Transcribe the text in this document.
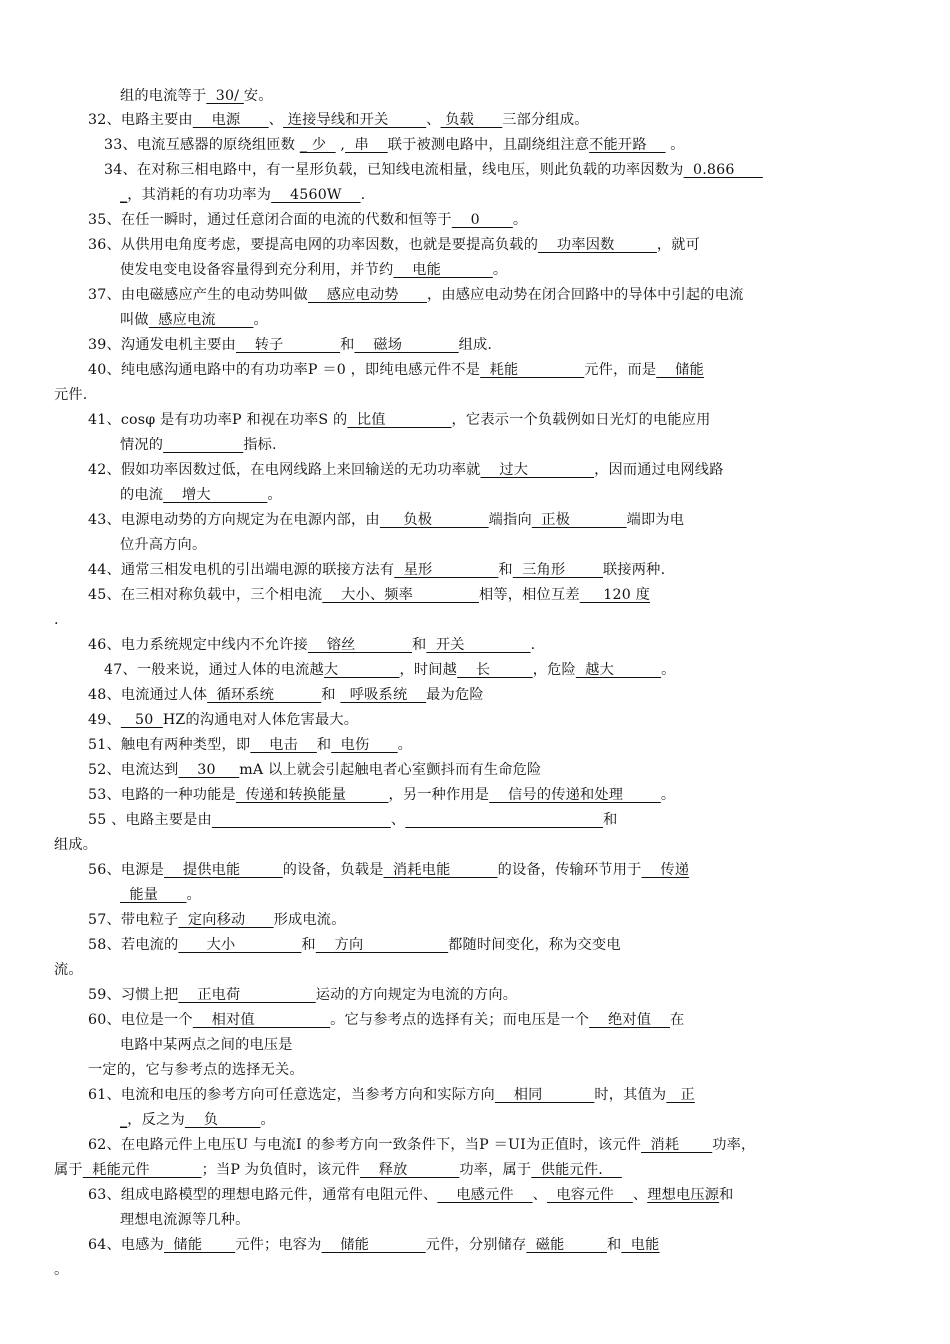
组的电流等于  30/ 安。
32、电路主要由    电源      、 连接导线和开关        、 负载      三部分组成。
33、电流互感器的原绕组匝数 _ 少   ,  串    联于被测电路中，且副绕组注意不能开路     。
34、在对称三相电路中，有一星形负载，已知线电流相量，线电压，则此负载的功率因数为  0.866
_，其消耗的有功功率为    4560W    .
35、在任一瞬时，通过任意闭合面的电流的代数和恒等于    0       。
36、从供用电角度考虑，要提高电网的功率因数，也就是要提高负载的    功率因数         ，就可
使发电变电设备容量得到充分利用，并节约    电能           。
37、由电磁感应产生的电动势叫做    感应电动势      ，由感应电动势在闭合回路中的导体中引起的电流
叫做  感应电流        。
39、沟通发电机主要由    转子            和    磁场            组成.
40、纯电感沟通电路中的有功功率P ＝0 ，即纯电感元件不是  耗能              元件，而是    储能
元件.
41、cosφ 是有功功率P 和视在功率S 的  比值              ，它表示一个负载例如日光灯的电能应用
情况的	指标.
42、假如功率因数过低，在电网线路上来回输送的无功功率就    过大              ，因而通过电网线路
的电流    增大            。
43、电源电动势的方向规定为在电源内部，由     负极            端指向  正极            端即为电
位升高方向。
44、通常三相发电机的引出端电源的联接方法有  星形              和  三角形        联接两种.
45、在三相对称负载中，三个相电流    大小、频率              相等，相位互差     120 度
.
46、电力系统规定中线内不允许接    镕丝            和  开关              .
47、一般来说，通过人体的电流越大             ，时间越    长         ，危险  越大          。
48、电流通过人体  循环系统          和   呼吸系统    最为危险
49、   50  HZ的沟通电对人体危害最大。
51、触电有两种类型，即    电击    和  电伤      。
52、电流达到    30     mA 以上就会引起触电者心室颤抖而有生命危险
53、电路的一种功能是  传递和转换能量         ，另一种作用是    信号的传递和处理        。
55 、电路主要是由	、	和
组成。
56、电源是    提供电能         的设备，负载是  消耗电能          的设备，传输环节用于    传递
能量      。
57、带电粒子  定向移动      形成电流。
58、若电流的      大小              和    方向                  都随时间变化，称为交变电
流。
59、习惯上把    正电荷                运动的方向规定为电流的方向。
60、电位是一个    相对值                。它与参考点的选择有关；而电压是一个    绝对值    在
电路中某两点之间的电压是
一定的，它与参考点的选择无关。
61、电流和电压的参考方向可任意选定，当参考方向和实际方向    相同           时，其值为   正
_，反之为    负         。
62、在电路元件上电压U 与电流I 的参考方向一致条件下，当P ＝UI为正值时，该元件  消耗       功率，
属于  耗能元件           ；当P 为负值时，该元件    释放           功率，属于  供能元件.
63、组成电路模型的理想电路元件，通常有电阻元件、    电感元件    、  电容元件    、理想电压源和
理想电流源等几种。
64、电感为  储能       元件；电容为    储能            元件，分别储存  磁能         和  电能
。
